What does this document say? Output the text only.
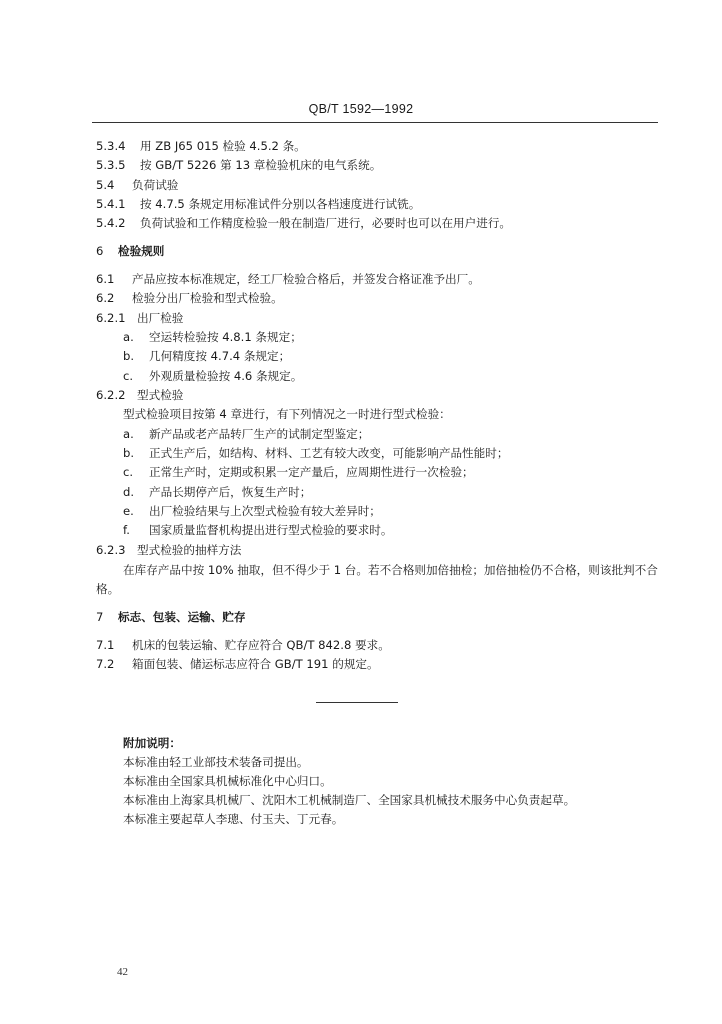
QB/T 1592—1992
5.3.4 用 ZB J65 015 检验 4.5.2 条。
5.3.5 按 GB/T 5226 第 13 章检验机床的电气系统。
5.4 负荷试验
5.4.1 按 4.7.5 条规定用标准试件分别以各档速度进行试铣。
5.4.2 负荷试验和工作精度检验一般在制造厂进行，必要时也可以在用户进行。
6 检验规则
6.1 产品应按本标准规定，经工厂检验合格后，并签发合格证准予出厂。
6.2 检验分出厂检验和型式检验。
6.2.1 出厂检验
a. 空运转检验按 4.8.1 条规定；
b. 几何精度按 4.7.4 条规定；
c. 外观质量检验按 4.6 条规定。
6.2.2 型式检验
型式检验项目按第 4 章进行，有下列情况之一时进行型式检验：
a. 新产品或老产品转厂生产的试制定型鉴定；
b. 正式生产后，如结构、材料、工艺有较大改变，可能影响产品性能时；
c. 正常生产时，定期或积累一定产量后，应周期性进行一次检验；
d. 产品长期停产后，恢复生产时；
e. 出厂检验结果与上次型式检验有较大差异时；
f. 国家质量监督机构提出进行型式检验的要求时。
6.2.3 型式检验的抽样方法
在库存产品中按 10% 抽取，但不得少于 1 台。若不合格则加倍抽检；加倍抽检仍不合格，则该批判不合格。
7 标志、包装、运输、贮存
7.1 机床的包装运输、贮存应符合 QB/T 842.8 要求。
7.2 箱面包装、储运标志应符合 GB/T 191 的规定。
附加说明：
本标准由轻工业部技术装备司提出。
本标准由全国家具机械标准化中心归口。
本标准由上海家具机械厂、沈阳木工机械制造厂、全国家具机械技术服务中心负责起草。
本标准主要起草人李璁、付玉夫、丁元春。
42
